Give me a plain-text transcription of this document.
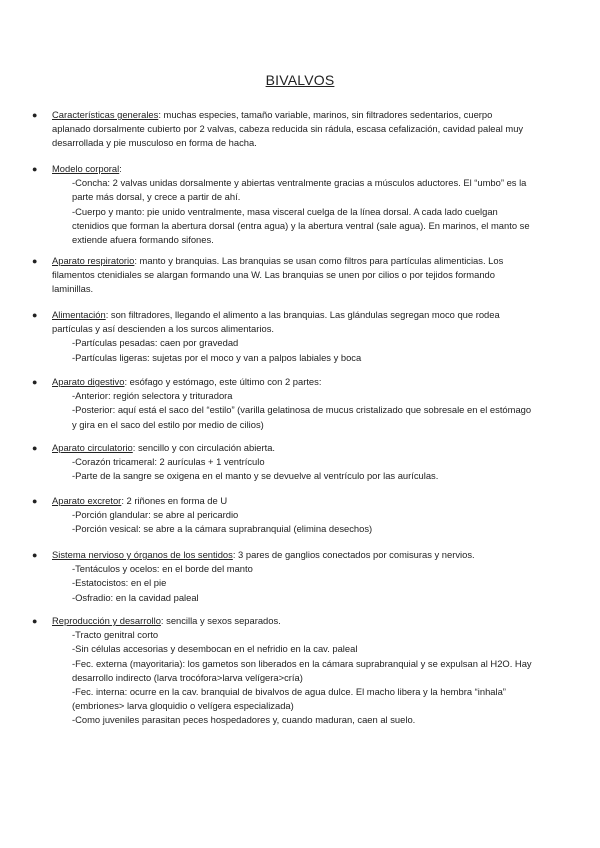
BIVALVOS
●	Características generales: muchas especies, tamaño variable, marinos, sin filtradores sedentarios, cuerpo aplanado dorsalmente cubierto por 2 valvas, cabeza reducida sin rádula, escasa cefalización, cavidad paleal muy desarrollada y pie musculoso en forma de hacha.
●	Modelo corporal:
-Concha: 2 valvas unidas dorsalmente y abiertas ventralmente gracias a músculos aductores. El “umbo” es la parte más dorsal, y crece a partir de ahí.
-Cuerpo y manto: pie unido ventralmente, masa visceral cuelga de la línea dorsal. A cada lado cuelgan ctenidios que forman la abertura dorsal (entra agua) y la abertura ventral (sale agua). En marinos, el manto se extiende afuera formando sifones.
●	Aparato respiratorio: manto y branquias. Las branquias se usan como filtros para partículas alimenticias. Los filamentos ctenidiales se alargan formando una W. Las branquias se unen por cilios o por tejidos formando laminillas.
●	Alimentación: son filtradores, llegando el alimento a las branquias. Las glándulas segregan moco que rodea partículas y así descienden a los surcos alimentarios.
-Partículas pesadas: caen por gravedad
-Partículas ligeras: sujetas por el moco y van a palpos labiales y boca
●	Aparato digestivo: esófago y estómago, este último con 2 partes:
-Anterior: región selectora y trituradora
-Posterior: aquí está el saco del “estilo” (varilla gelatinosa de mucus cristalizado que sobresale en el estómago y gira en el saco del estilo por medio de cilios)
●	Aparato circulatorio: sencillo y con circulación abierta.
-Corazón tricameral: 2 aurículas + 1 ventrículo
-Parte de la sangre se oxigena en el manto y se devuelve al ventrículo por las aurículas.
●	Aparato excretor: 2 riñones en forma de U
-Porción glandular: se abre al pericardio
-Porción vesical: se abre a la cámara suprabranquial (elimina desechos)
●	Sistema nervioso y órganos de los sentidos: 3 pares de ganglios conectados por comisuras y nervios.
-Tentáculos y ocelos: en el borde del manto
-Estatocistos: en el pie
-Osfradio: en la cavidad paleal
●	Reproducción y desarrollo: sencilla y sexos separados.
-Tracto genitral corto
-Sin células accesorias y desembocan en el nefridio en la cav. paleal
-Fec. externa (mayoritaria): los gametos son liberados en la cámara suprabranquial y se expulsan al H2O. Hay desarrollo indirecto (larva trocófora>larva velígera>cría)
-Fec. interna: ocurre en la cav. branquial de bivalvos de agua dulce. El macho libera y la hembra “inhala” (embriones> larva gloquidio o velígera especializada)
-Como juveniles parasitan peces hospedadores y, cuando maduran, caen al suelo.
